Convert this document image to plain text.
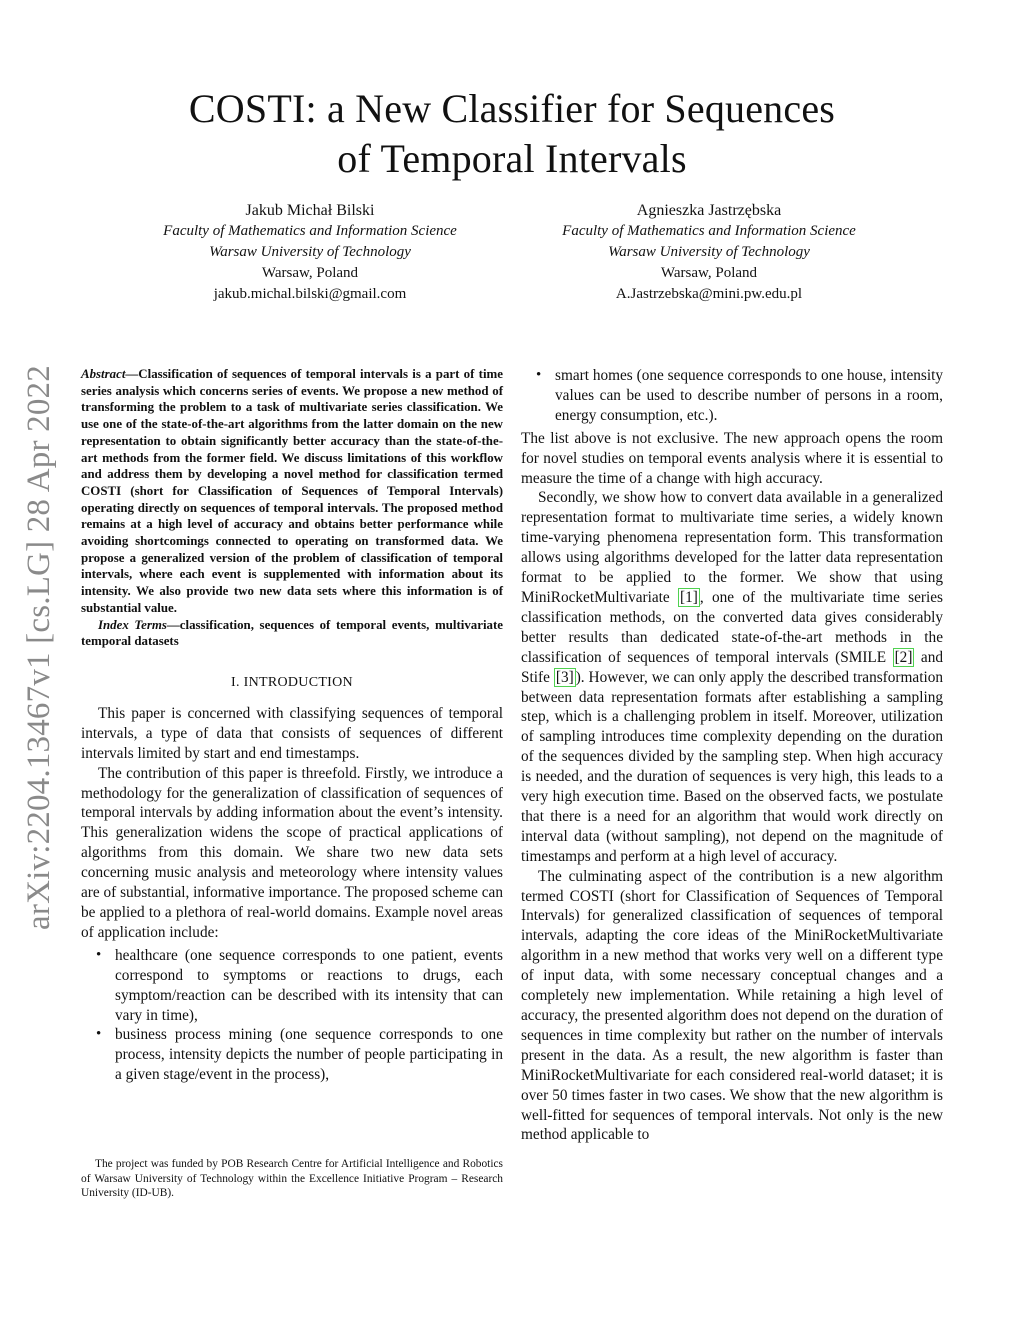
arXiv:2204.13467v1 [cs.LG] 28 Apr 2022
COSTI: a New Classifier for Sequences
of Temporal Intervals
Jakub Michał Bilski
Faculty of Mathematics and Information Science
Warsaw University of Technology
Warsaw, Poland
jakub.michal.bilski@gmail.com
Agnieszka Jastrzębska
Faculty of Mathematics and Information Science
Warsaw University of Technology
Warsaw, Poland
A.Jastrzebska@mini.pw.edu.pl

Abstract—Classification of sequences of temporal intervals is a part of time series analysis which concerns series of events. We propose a new method of transforming the problem to a task of multivariate series classification. We use one of the state-of-the-art algorithms from the latter domain on the new representation to obtain significantly better accuracy than the state-of-the-art methods from the former field. We discuss limitations of this workflow and address them by developing a novel method for classification termed COSTI (short for Classification of Sequences of Temporal Intervals) operating directly on sequences of temporal intervals. The proposed method remains at a high level of accuracy and obtains better performance while avoiding shortcomings connected to operating on transformed data. We propose a generalized version of the problem of classification of temporal intervals, where each event is supplemented with information about its intensity. We also provide two new data sets where this information is of substantial value.

Index Terms—classification, sequences of temporal events, multivariate temporal datasets

I. INTRODUCTION

This paper is concerned with classifying sequences of temporal intervals, a type of data that consists of sequences of different intervals limited by start and end timestamps.

The contribution of this paper is threefold. Firstly, we introduce a methodology for the generalization of classification of sequences of temporal intervals by adding information about the event’s intensity. This generalization widens the scope of practical applications of algorithms from this domain. We share two new data sets concerning music analysis and meteorology where intensity values are of substantial, informative importance. The proposed scheme can be applied to a plethora of real-world domains. Example novel areas of application include:

• healthcare (one sequence corresponds to one patient, events correspond to symptoms or reactions to drugs, each symptom/reaction can be described with its intensity that can vary in time),
• business process mining (one sequence corresponds to one process, intensity depicts the number of people participating in a given stage/event in the process),
• smart homes (one sequence corresponds to one house, intensity values can be used to describe number of persons in a room, energy consumption, etc.).

The list above is not exclusive. The new approach opens the room for novel studies on temporal events analysis where it is essential to measure the time of a change with high accuracy.

Secondly, we show how to convert data available in a generalized representation format to multivariate time series, a widely known time-varying phenomena representation form. This transformation allows using algorithms developed for the latter data representation format to be applied to the former. We show that using MiniRocketMultivariate [1] , one of the multivariate time series classification methods, on the converted data gives considerably better results than dedicated state-of-the-art methods in the classification of sequences of temporal intervals (SMILE [2] and Stife [3] ). However, we can only apply the described transformation between data representation formats after establishing a sampling step, which is a challenging problem in itself. Moreover, utilization of sampling introduces time complexity depending on the duration of the sequences divided by the sampling step. When high accuracy is needed, and the duration of sequences is very high, this leads to a very high execution time. Based on the observed facts, we postulate that there is a need for an algorithm that would work directly on interval data (without sampling), not depend on the magnitude of timestamps and perform at a high level of accuracy.

The culminating aspect of the contribution is a new algorithm termed COSTI (short for Classification of Sequences of Temporal Intervals) for generalized classification of sequences of temporal intervals, adapting the core ideas of the MiniRocketMultivariate algorithm in a new method that works very well on a different type of input data, with some necessary conceptual changes and a completely new implementation. While retaining a high level of accuracy, the presented algorithm does not depend on the duration of sequences in time complexity but rather on the number of intervals present in the data. As a result, the new algorithm is faster than MiniRocketMultivariate for each considered real-world dataset; it is over 50 times faster in two cases. We show that the new algorithm is well-fitted for sequences of temporal intervals. Not only is the new method applicable to

The project was funded by POB Research Centre for Artificial Intelligence and Robotics of Warsaw University of Technology within the Excellence Initiative Program – Research University (ID-UB).
